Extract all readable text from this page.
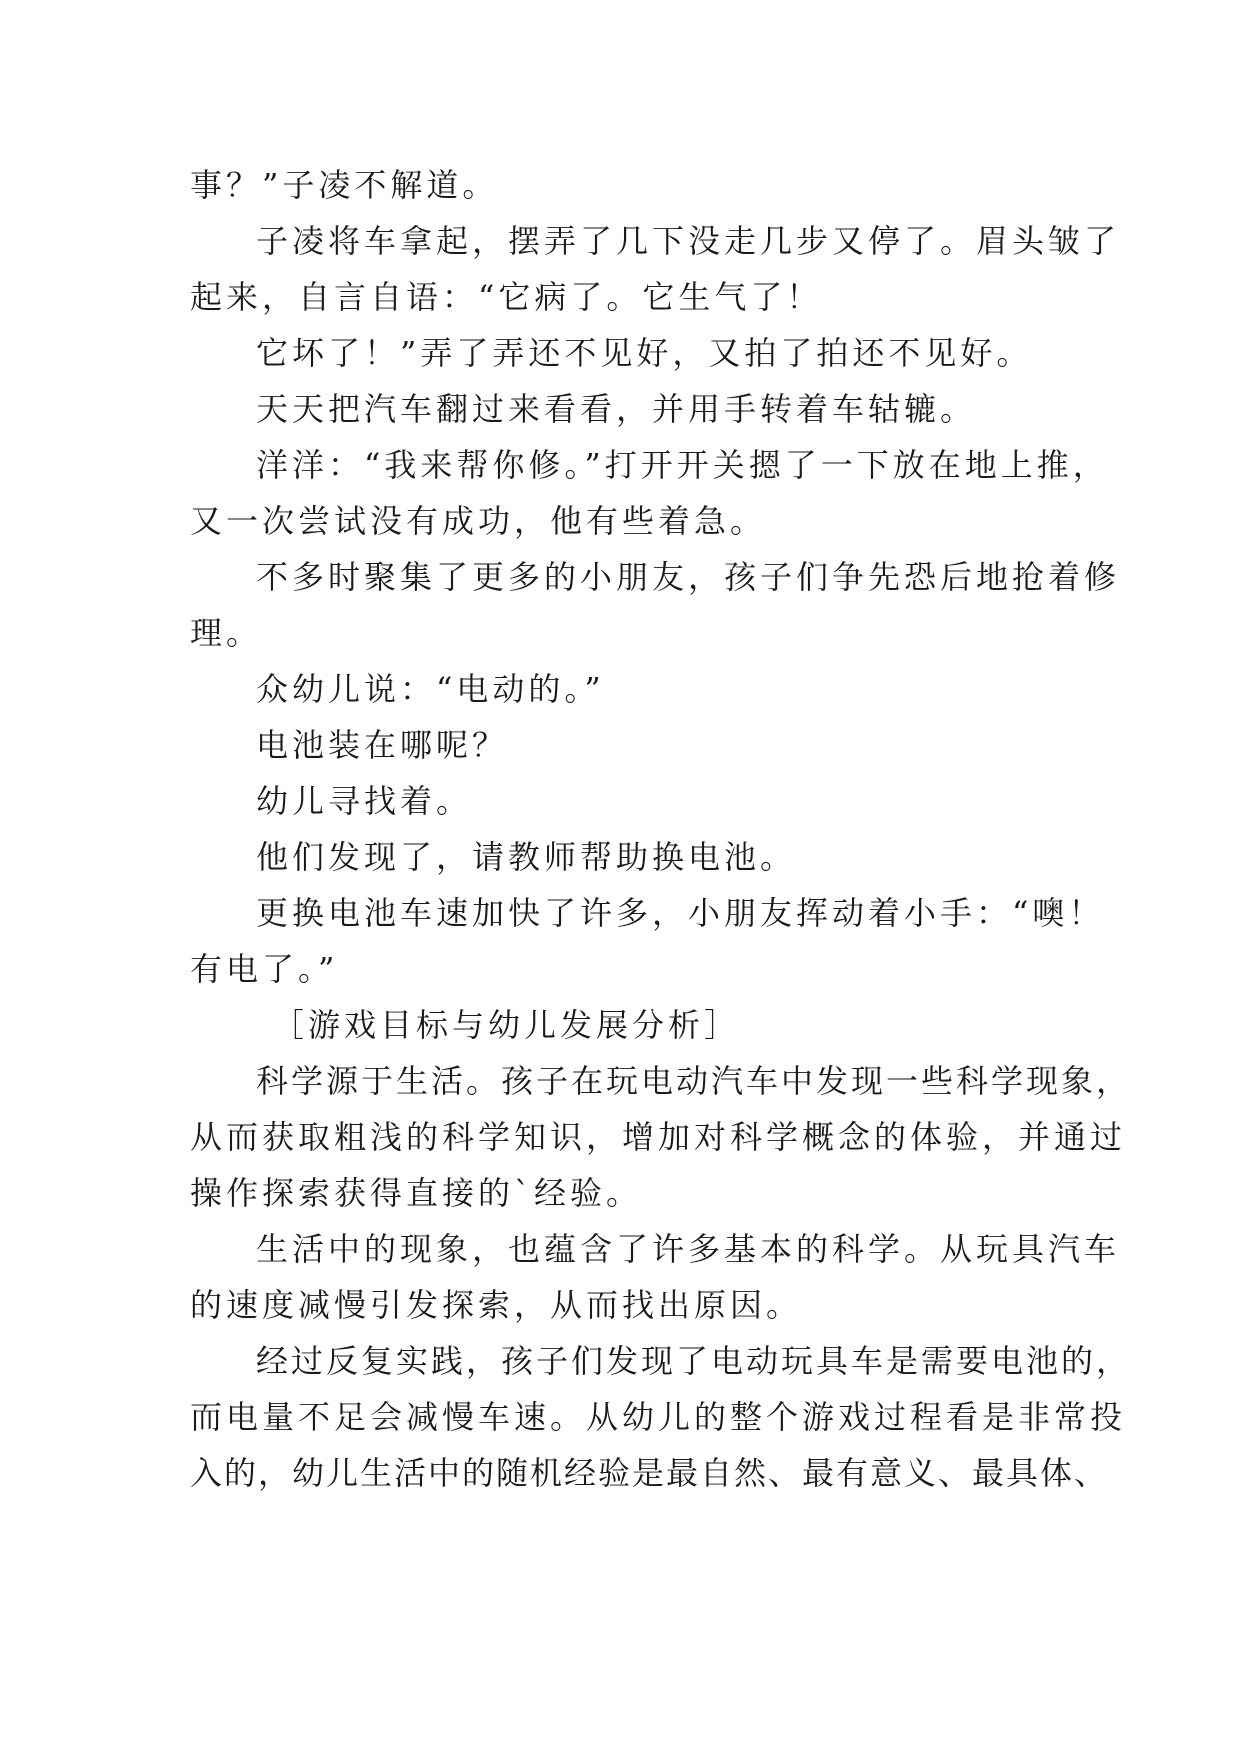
事？”子凌不解道。
子凌将车拿起，摆弄了几下没走几步又停了。眉头皱了
起来，自言自语：“它病了。它生气了！
它坏了！”弄了弄还不见好，又拍了拍还不见好。
天天把汽车翻过来看看，并用手转着车轱辘。
洋洋：“我来帮你修。”打开开关摁了一下放在地上推，
又一次尝试没有成功，他有些着急。
不多时聚集了更多的小朋友，孩子们争先恐后地抢着修
理。
众幼儿说：“电动的。”
电池装在哪呢？
幼儿寻找着。
他们发现了，请教师帮助换电池。
更换电池车速加快了许多，小朋友挥动着小手：“噢！
有电了。”
［游戏目标与幼儿发展分析］
科学源于生活。孩子在玩电动汽车中发现一些科学现象，
从而获取粗浅的科学知识，增加对科学概念的体验，并通过
操作探索获得直接的`经验。
生活中的现象，也蕴含了许多基本的科学。从玩具汽车
的速度减慢引发探索，从而找出原因。
经过反复实践，孩子们发现了电动玩具车是需要电池的，
而电量不足会减慢车速。从幼儿的整个游戏过程看是非常投
入的，幼儿生活中的随机经验是最自然、最有意义、最具体、
